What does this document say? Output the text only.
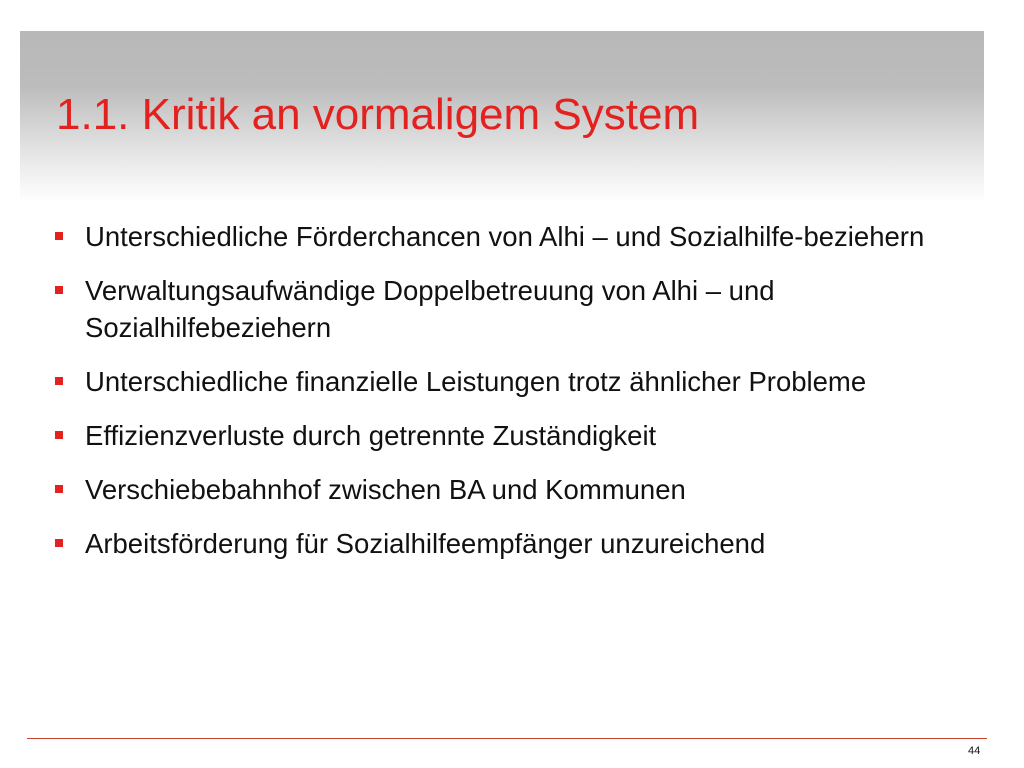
1.1. Kritik an vormaligem System
Unterschiedliche Förderchancen von Alhi – und Sozialhilfe-beziehern
Verwaltungsaufwändige Doppelbetreuung von Alhi – und Sozialhilfebeziehern
Unterschiedliche finanzielle Leistungen trotz ähnlicher Probleme
Effizienzverluste durch getrennte Zuständigkeit
Verschiebebahnhof zwischen BA und Kommunen
Arbeitsförderung für Sozialhilfeempfänger unzureichend
·
44
